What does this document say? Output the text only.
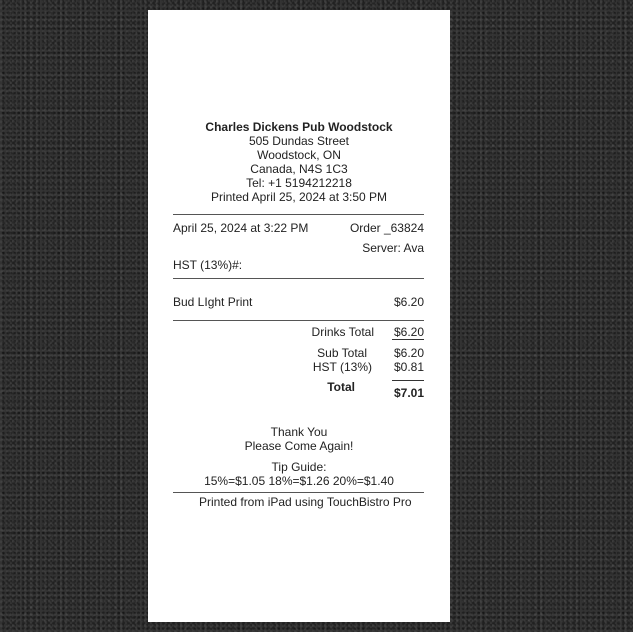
Charles Dickens Pub Woodstock
505 Dundas Street
Woodstock, ON
Canada, N4S 1C3
Tel: +1 5194212218
Printed April 25, 2024 at 3:50 PM
April 25, 2024 at 3:22 PM	Order _63824
Server: Ava
HST (13%)#:
Bud LIght Print	$6.20
Drinks Total $6.20
Sub Total $6.20
HST (13%) $0.81
Total	$7.01
Thank You
Please Come Again!
Tip Guide:
15%=$1.05 18%=$1.26 20%=$1.40
Printed from iPad using TouchBistro Pro
